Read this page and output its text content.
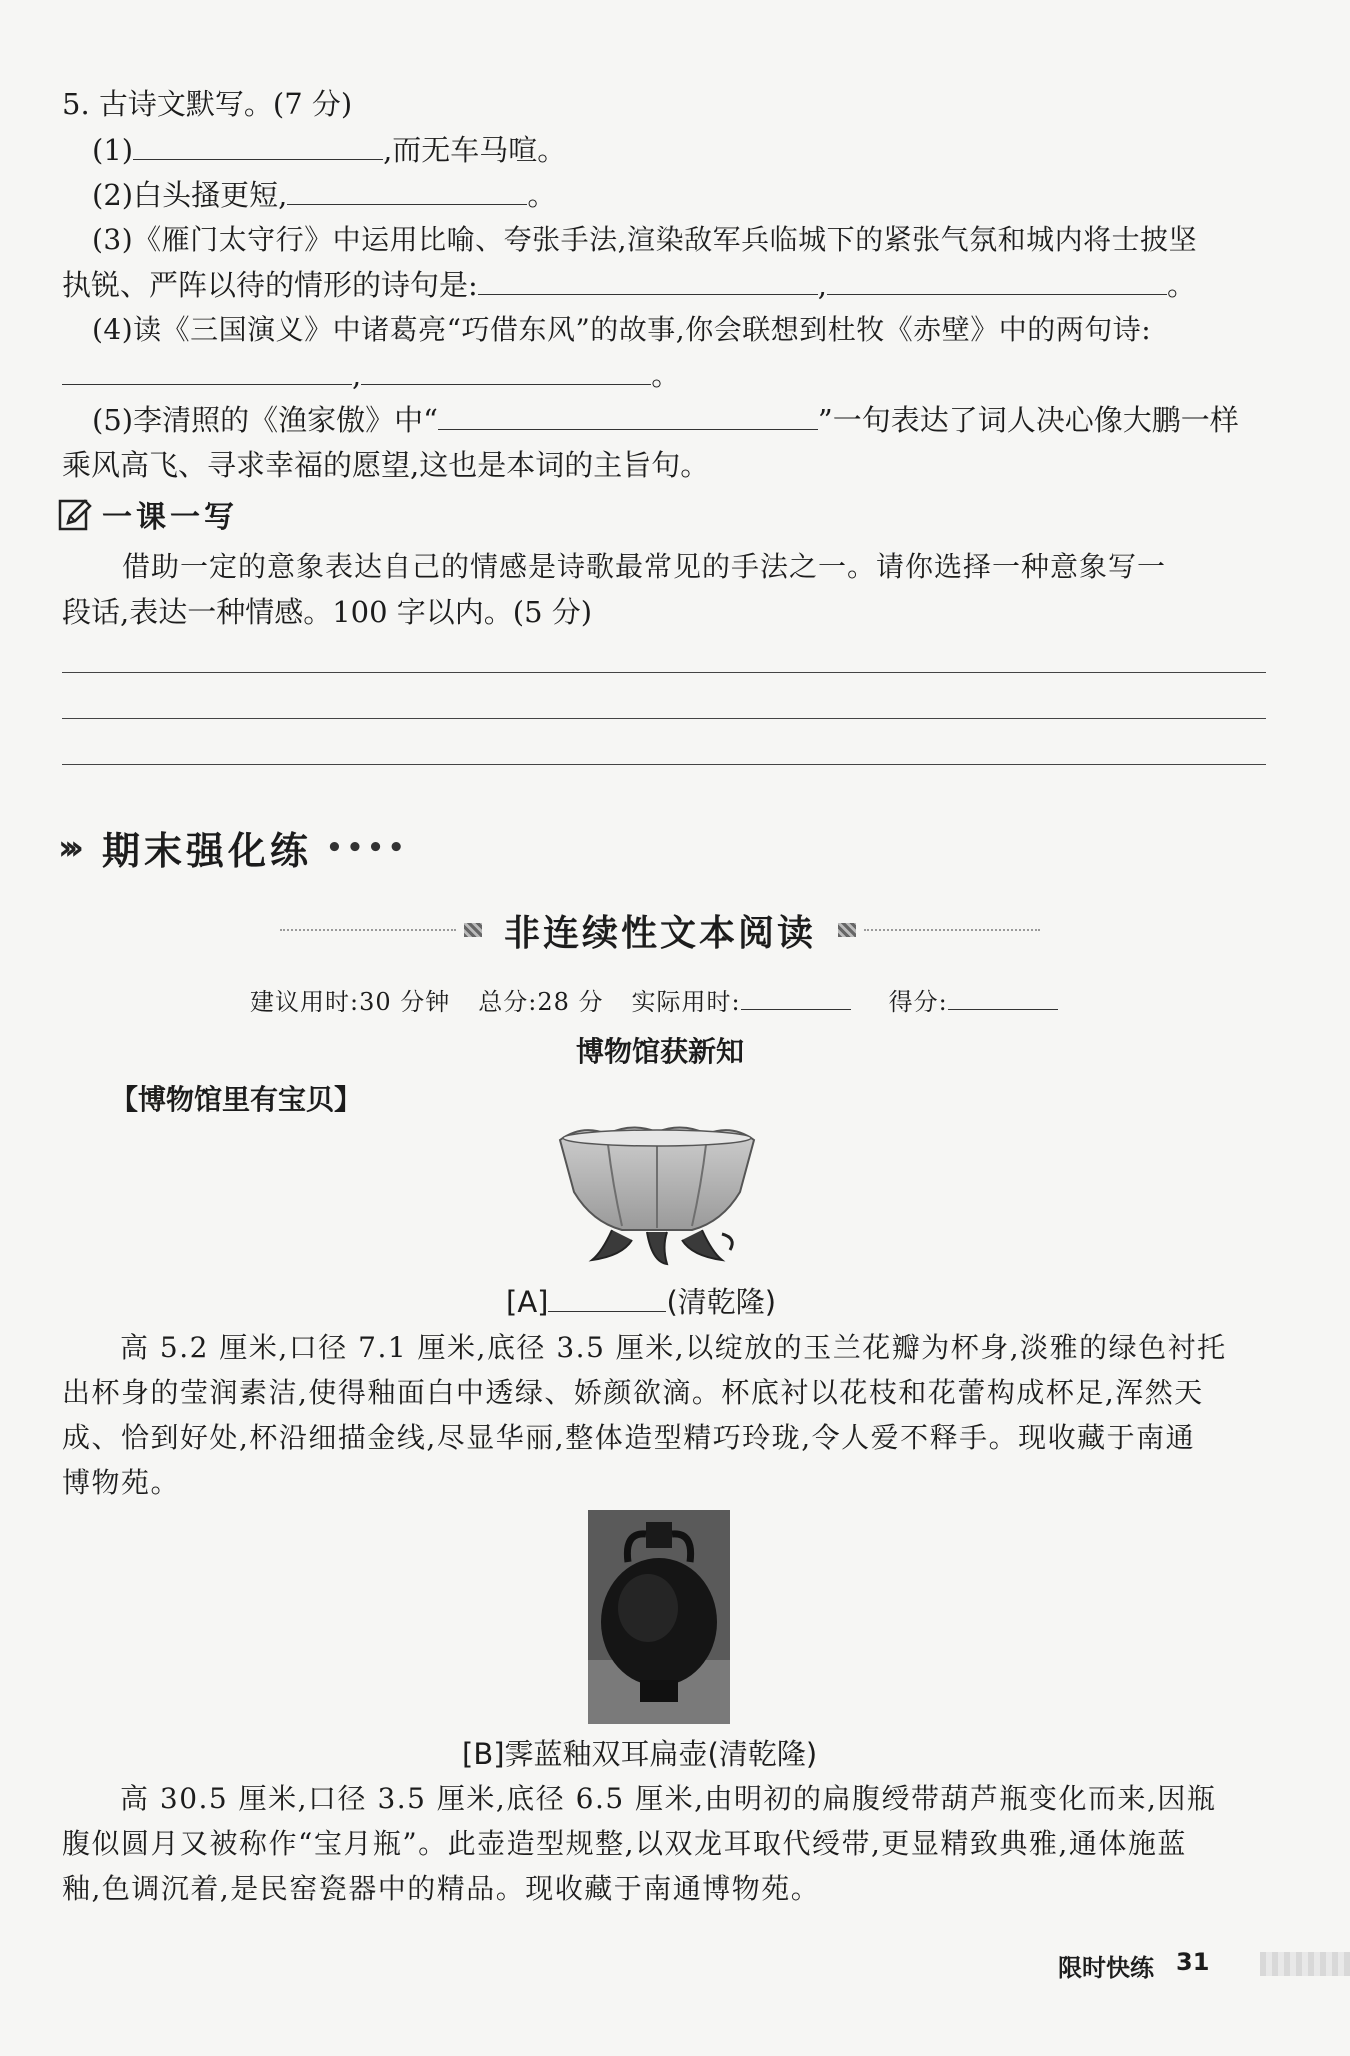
5. 古诗文默写。(7 分)
(1)	,而无车马喧。
(2)白头搔更短,	。
(3)《雁门太守行》中运用比喻、夸张手法,渲染敌军兵临城下的紧张气氛和城内将士披坚
执锐、严阵以待的情形的诗句是:	,	。
(4)读《三国演义》中诸葛亮“巧借东风”的故事,你会联想到杜牧《赤壁》中的两句诗:
,	。
(5)李清照的《渔家傲》中“	”一句表达了词人决心像大鹏一样
乘风高飞、寻求幸福的愿望,这也是本词的主旨句。
一课一写
借助一定的意象表达自己的情感是诗歌最常见的手法之一。请你选择一种意象写一
段话,表达一种情感。100 字以内。(5 分)
››› 期末强化练 ••••
非连续性文本阅读
建议用时:30 分钟 总分:28 分 实际用时:	得分:
博物馆获新知
【博物馆里有宝贝】
[A]	(清乾隆)
高 5.2 厘米,口径 7.1 厘米,底径 3.5 厘米,以绽放的玉兰花瓣为杯身,淡雅的绿色衬托
出杯身的莹润素洁,使得釉面白中透绿、娇颜欲滴。杯底衬以花枝和花蕾构成杯足,浑然天
成、恰到好处,杯沿细描金线,尽显华丽,整体造型精巧玲珑,令人爱不释手。现收藏于南通
博物苑。
[B]霁蓝釉双耳扁壶(清乾隆)
高 30.5 厘米,口径 3.5 厘米,底径 6.5 厘米,由明初的扁腹绶带葫芦瓶变化而来,因瓶
腹似圆月又被称作“宝月瓶”。此壶造型规整,以双龙耳取代绶带,更显精致典雅,通体施蓝
釉,色调沉着,是民窑瓷器中的精品。现收藏于南通博物苑。
限时快练 31
